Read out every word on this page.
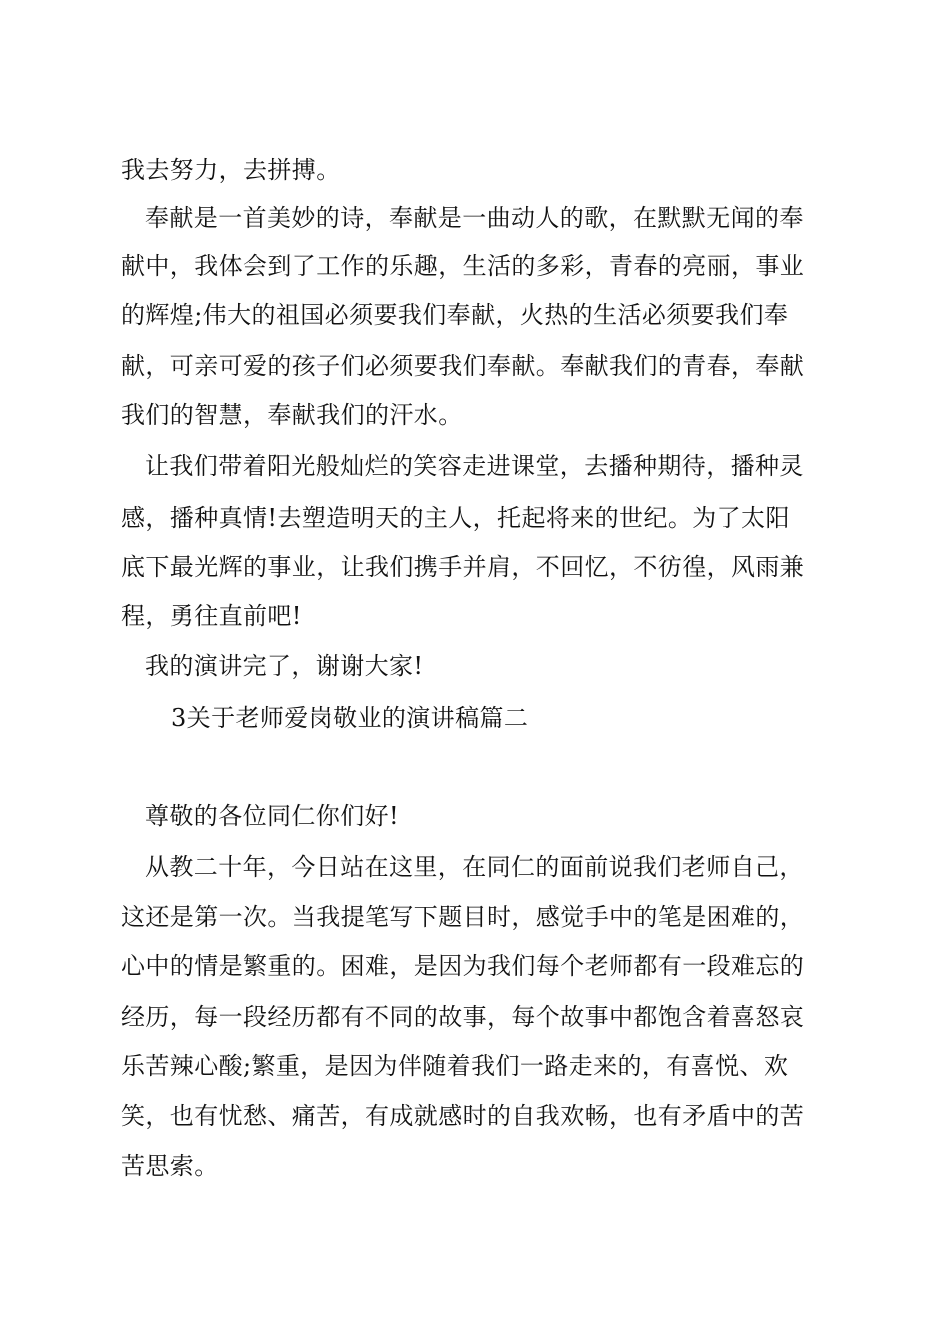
我去努力，去拼搏。
奉献是一首美妙的诗，奉献是一曲动人的歌，在默默无闻的奉
献中，我体会到了工作的乐趣，生活的多彩，青春的亮丽，事业
的辉煌;伟大的祖国必须要我们奉献，火热的生活必须要我们奉
献，可亲可爱的孩子们必须要我们奉献。奉献我们的青春，奉献
我们的智慧，奉献我们的汗水。
让我们带着阳光般灿烂的笑容走进课堂，去播种期待，播种灵
感，播种真情!去塑造明天的主人，托起将来的世纪。为了太阳
底下最光辉的事业，让我们携手并肩，不回忆，不彷徨，风雨兼
程，勇往直前吧!
我的演讲完了，谢谢大家!
3关于老师爱岗敬业的演讲稿篇二
尊敬的各位同仁你们好!
从教二十年，今日站在这里，在同仁的面前说我们老师自己，
这还是第一次。当我提笔写下题目时，感觉手中的笔是困难的，
心中的情是繁重的。困难，是因为我们每个老师都有一段难忘的
经历，每一段经历都有不同的故事，每个故事中都饱含着喜怒哀
乐苦辣心酸;繁重，是因为伴随着我们一路走来的，有喜悦、欢
笑，也有忧愁、痛苦，有成就感时的自我欢畅，也有矛盾中的苦
苦思索。
